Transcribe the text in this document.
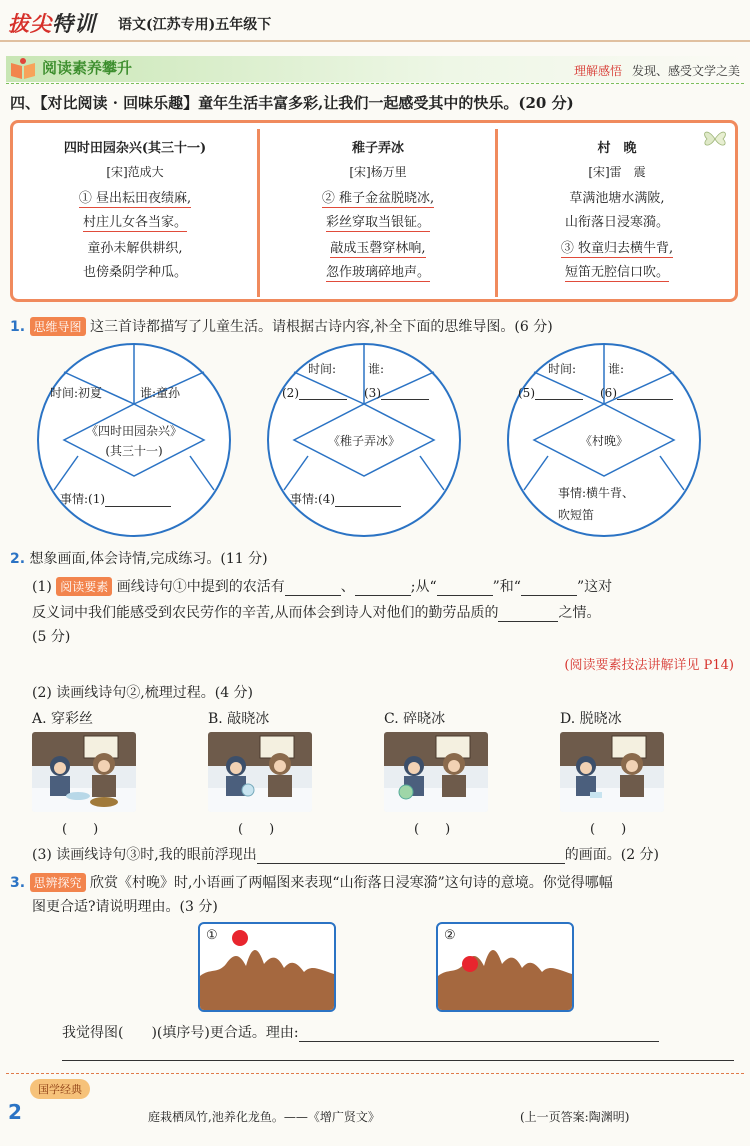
拔尖特训 语文(江苏专用)五年级下
阅读素养攀升	理解感悟 发现、感受文学之美
四、【对比阅读 · 回味乐趣】童年生活丰富多彩,让我们一起感受其中的快乐。(20 分)
四时田园杂兴(其三十一)
[宋]范成大
① 昼出耘田夜绩麻,
村庄儿女各当家。
童孙未解供耕织,
也傍桑阴学种瓜。
稚子弄冰
[宋]杨万里
② 稚子金盆脱晓冰,
彩丝穿取当银钲。
敲成玉磬穿林响,
忽作玻璃碎地声。
村　晚
[宋]雷　震
草满池塘水满陂,
山衔落日浸寒漪。
③ 牧童归去横牛背,
短笛无腔信口吹。
1. 思维导图 这三首诗都描写了儿童生活。请根据古诗内容,补全下面的思维导图。(6 分)
时间:初夏	谁:童孙
《四时田园杂兴》
(其三十一)
事情:(1)
时间:	谁:
(2)	(3)
《稚子弄冰》
事情:(4)
时间:	谁:
(5)	(6)
《村晚》
事情:横牛背、
吹短笛
2. 想象画面,体会诗情,完成练习。(11 分)
(1) 阅读要素 画线诗句①中提到的农活有	、	;从“	”和“	”这对
反义词中我们能感受到农民劳作的辛苦,从而体会到诗人对他们的勤劳品质的	之情。
(5 分)
(阅读要素技法讲解详见 P14)
(2) 读画线诗句②,梳理过程。(4 分)
A. 穿彩丝	B. 敲晓冰	C. 碎晓冰	D. 脱晓冰
(　　)	(　　)	(　　)	(　　)
(3) 读画线诗句③时,我的眼前浮现出	的画面。(2 分)
3. 思辨探究 欣赏《村晚》时,小语画了两幅图来表现“山衔落日浸寒漪”这句诗的意境。你觉得哪幅
图更合适?请说明理由。(3 分)
①	②
我觉得图(　　)(填序号)更合适。理由:
国学经典
2	庭栽栖凤竹,池养化龙鱼。——《增广贤文》	(上一页答案:陶渊明)
